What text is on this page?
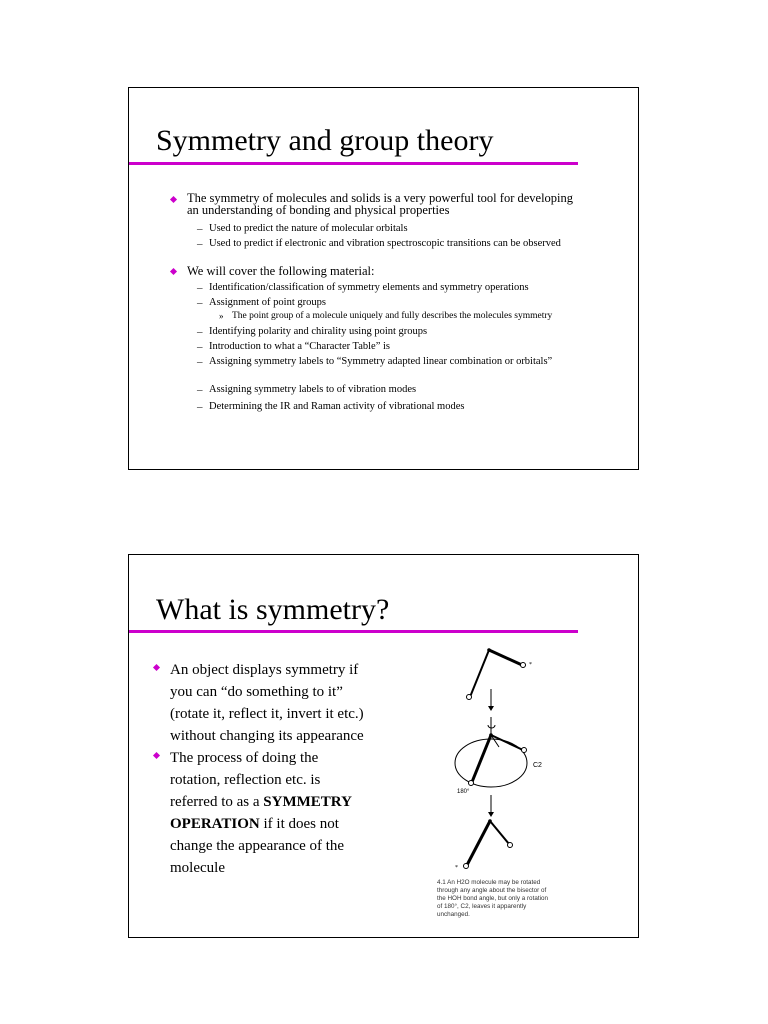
Symmetry and group theory
The symmetry of molecules and solids is a very powerful tool for developing an understanding of bonding and physical properties
– Used to predict the nature of molecular orbitals
– Used to predict if electronic and vibration spectroscopic transitions can be observed
We will cover the following material:
– Identification/classification of symmetry elements and symmetry operations
– Assignment of point groups
» The point group of a molecule uniquely and fully describes the molecules symmetry
– Identifying polarity and chirality using point groups
– Introduction to what a “Character Table” is
– Assigning symmetry labels to “Symmetry adapted linear combination or orbitals”
– Assigning symmetry labels to of vibration modes
– Determining the IR and Raman activity of vibrational modes
What is symmetry?
An object displays symmetry if
you can “do something to it”
(rotate it, reflect it, invert it etc.)
without changing its appearance
The process of doing the
rotation, reflection etc. is
referred to as a SYMMETRY
OPERATION if it does not
change the appearance of the
molecule
*
C2
180°
*
4.1 An H2O molecule may be rotated
through any angle about the bisector of
the HOH bond angle, but only a rotation
of 180°, C2, leaves it apparently
unchanged.
